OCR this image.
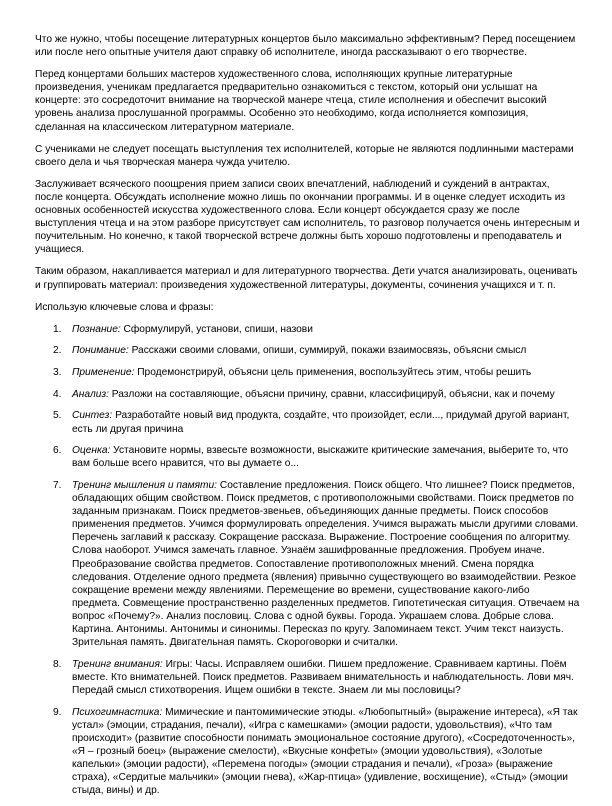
Что же нужно, чтобы посещение литературных концертов было максимально эффективным? Перед посещением или после него опытные учителя дают справку об исполнителе, иногда рассказывают о его творчестве.

Перед концертами больших мастеров художественного слова, исполняющих крупные литературные произведения, ученикам предлагается предварительно ознакомиться с текстом, который они услышат на концерте: это сосредоточит внимание на творческой манере чтеца, стиле исполнения и обеспечит высокий уровень анализа прослушанной программы. Особенно это необходимо, когда исполняется композиция, сделанная на классическом литературном материале.

С учениками не следует посещать выступления тех исполнителей, которые не являются подлинными мастерами своего дела и чья творческая манера чужда учителю.

Заслуживает всяческого поощрения прием записи своих впечатлений, наблюдений и суждений в антрактах, после концерта. Обсуждать исполнение можно лишь по окончании программы. И в оценке следует исходить из основных особенностей искусства художественного слова. Если концерт обсуждается сразу же после выступления чтеца и на этом разборе присутствует сам исполнитель, то разговор получается очень интересным и поучительным. Но конечно, к такой творческой встрече должны быть хорошо подготовлены и преподаватель и учащиеся.

Таким образом, накапливается материал и для литературного творчества. Дети учатся анализировать, оценивать и группировать материал: произведения художественной литературы, документы, сочинения учащихся и т. п.

Использую ключевые слова и фразы:

1. Познание: Сформулируй, установи, спиши, назови
2. Понимание: Расскажи своими словами, опиши, суммируй, покажи взаимосвязь, объясни смысл
3. Применение: Продемонстрируй, объясни цель применения, воспользуйтесь этим, чтобы решить
4. Анализ: Разложи на составляющие, объясни причину, сравни, классифицируй, объясни, как и почему
5. Синтез: Разработайте новый вид продукта, создайте, что произойдет, если..., придумай другой вариант, есть ли другая причина
6. Оценка: Установите нормы, взвесьте возможности, выскажите критические замечания, выберите то, что вам больше всего нравится, что вы думаете о...
7. Тренинг мышления и памяти: Составление предложения. Поиск общего. Что лишнее? Поиск предметов, обладающих общим свойством. Поиск предметов, с противоположными свойствами. Поиск предметов по заданным признакам. Поиск предметов-звеньев, объединяющих данные предметы. Поиск способов применения предметов. Учимся формулировать определения. Учимся выражать мысли другими словами. Перечень заглавий к рассказу. Сокращение рассказа. Выражение. Построение сообщения по алгоритму. Слова наоборот. Учимся замечать главное. Узнаём зашифрованные предложения. Пробуем иначе. Преобразование свойства предметов. Сопоставление противоположных мнений. Смена порядка следования. Отделение одного предмета (явления) привычно существующего во взаимодействии. Резкое сокращение времени между явлениями. Перемещение во времени, существование какого-либо предмета. Совмещение пространственно разделенных предметов. Гипотетическая ситуация. Отвечаем на вопрос «Почему?». Анализ пословиц. Слова с одной буквы. Города. Украшаем слова. Добрые слова. Картина. Антонимы. Антонимы и синонимы. Пересказ по кругу. Запоминаем текст. Учим текст наизусть. Зрительная память. Двигательная память. Скороговорки и считалки.
8. Тренинг внимания: Игры: Часы. Исправляем ошибки. Пишем предложение. Сравниваем картины. Поём вместе. Кто внимательней. Поиск предметов. Развиваем внимательность и наблюдательность. Лови мяч. Передай смысл стихотворения. Ищем ошибки в тексте. Знаем ли мы пословицы?
9. Психогимнастика: Мимические и пантомимические этюды. «Любопытный» (выражение интереса), «Я так устал» (эмоции, страдания, печали), «Игра с камешками» (эмоции радости, удовольствия), «Что там происходит» (развитие способности понимать эмоциональное состояние другого), «Сосредоточенность», «Я – грозный боец» (выражение смелости), «Вкусные конфеты» (эмоции удовольствия), «Золотые капельки» (эмоции радости), «Перемена погоды» (эмоции страдания и печали), «Гроза» (выражение страха), «Сердитые мальчики» (эмоции гнева), «Жар-птица» (удивление, восхищение), «Стыд» (эмоции стыда, вины) и др.
